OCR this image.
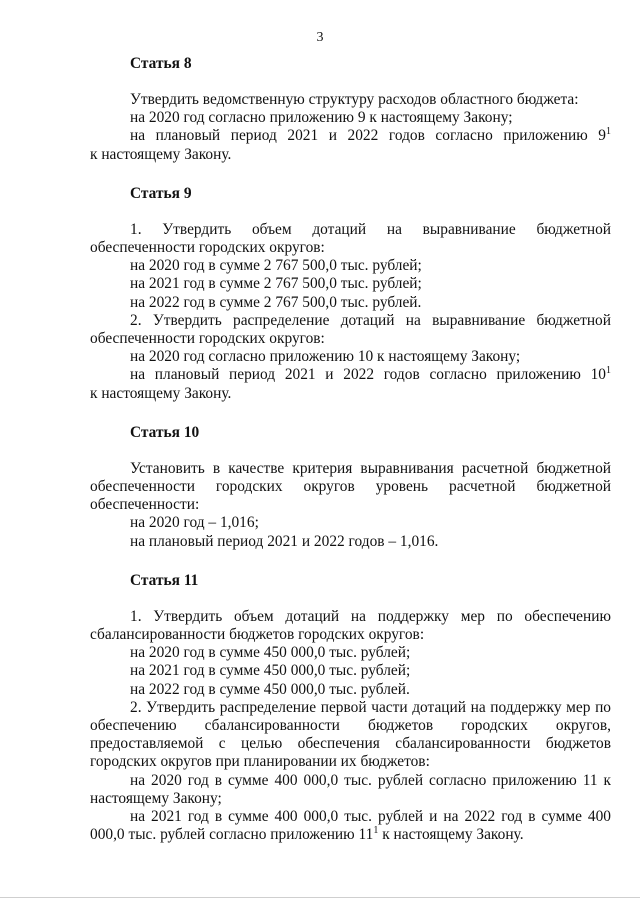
3
Статья 8

Утвердить ведомственную структуру расходов областного бюджета:

на 2020 год согласно приложению 9 к настоящему Закону;

на плановый период 2021 и 2022 годов согласно приложению $9^1$

к настоящему Закону.

Статья 9

1. Утвердить объем дотаций на выравнивание бюджетной обеспеченности городских округов:

на 2020 год в сумме 2 767 500,0 тыс. рублей;

на 2021 год в сумме 2 767 500,0 тыс. рублей;

на 2022 год в сумме 2 767 500,0 тыс. рублей.

2. Утвердить распределение дотаций на выравнивание бюджетной обеспеченности городских округов:

на 2020 год согласно приложению 10 к настоящему Закону;

на плановый период 2021 и 2022 годов согласно приложению $10^1$

к настоящему Закону.

Статья 10

Установить в качестве критерия выравнивания расчетной бюджетной обеспеченности городских округов уровень расчетной бюджетной обеспеченности:

на 2020 год – 1,016;

на плановый период 2021 и 2022 годов – 1,016.

Статья 11

1. Утвердить объем дотаций на поддержку мер по обеспечению сбалансированности бюджетов городских округов:

на 2020 год в сумме 450 000,0 тыс. рублей;

на 2021 год в сумме 450 000,0 тыс. рублей;

на 2022 год в сумме 450 000,0 тыс. рублей.

2. Утвердить распределение первой части дотаций на поддержку мер по обеспечению сбалансированности бюджетов городских округов, предоставляемой с целью обеспечения сбалансированности бюджетов городских округов при планировании их бюджетов:

на 2020 год в сумме 400 000,0 тыс. рублей согласно приложению 11 к настоящему Закону;

на 2021 год в сумме 400 000,0 тыс. рублей и на 2022 год в сумме 400 000,0 тыс. рублей согласно приложению $11^1$ к настоящему Закону.
